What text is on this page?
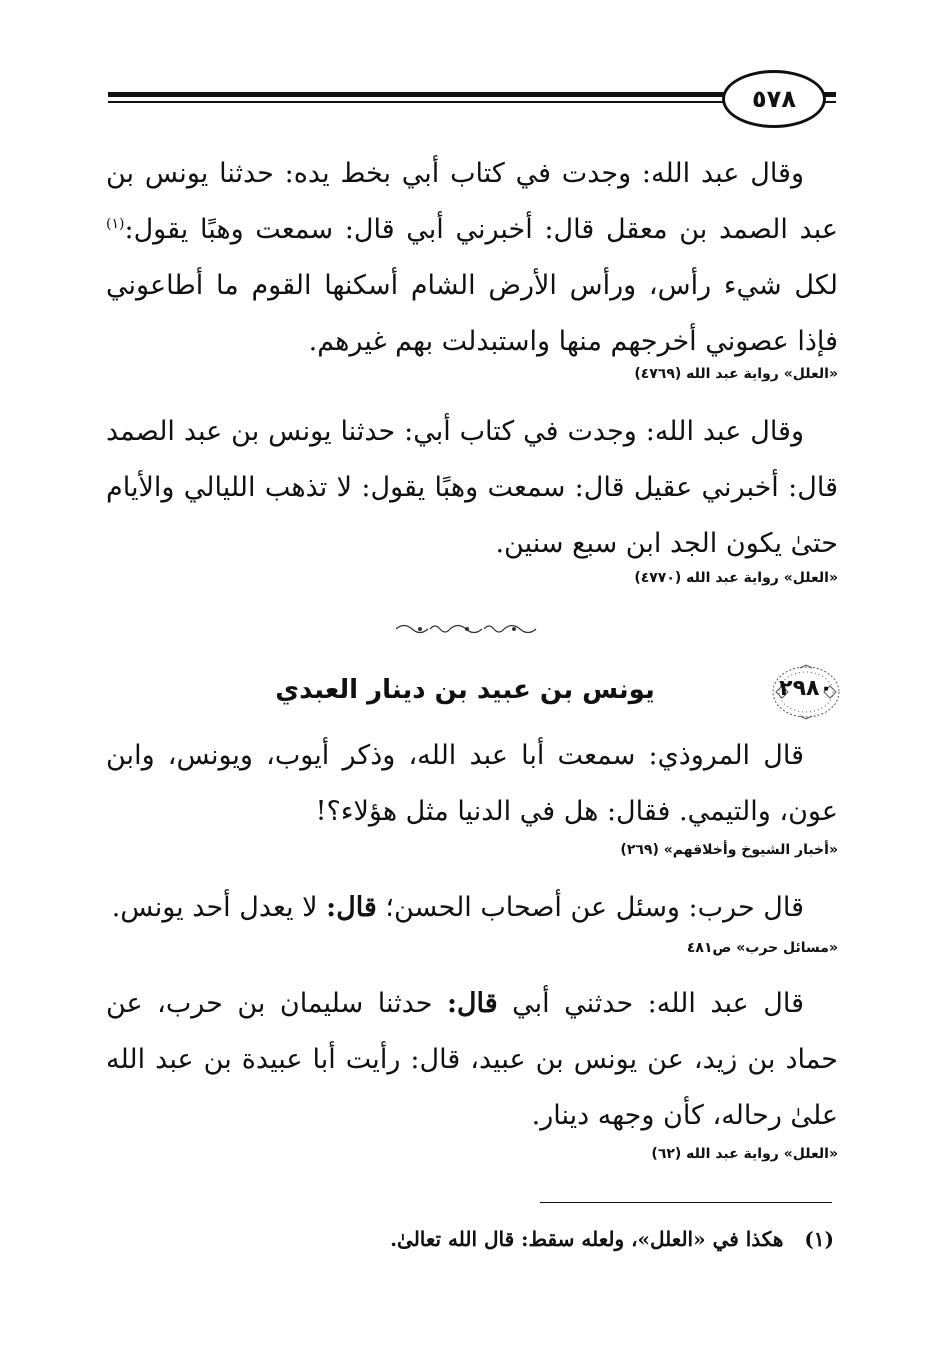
٥٧٨
وقال عبد الله: وجدت في كتاب أبي بخط يده: حدثنا يونس بن عبد الصمد بن معقل قال: أخبرني أبي قال: سمعت وهبًا يقول:$^{(١)}$ لكل شيء رأس، ورأس الأرض الشام أسكنها القوم ما أطاعوني فإذا عصوني أخرجهم منها واستبدلت بهم غيرهم.
«العلل» رواية عبد الله (٤٧٦٩)
وقال عبد الله: وجدت في كتاب أبي: حدثنا يونس بن عبد الصمد قال: أخبرني عقيل قال: سمعت وهبًا يقول: لا تذهب الليالي والأيام حتىٰ يكون الجد ابن سبع سنين.
«العلل» رواية عبد الله (٤٧٧٠)
٢٩٨٠
يونس بن عبيد بن دينار العبدي
قال المروذي: سمعت أبا عبد الله، وذكر أيوب، ويونس، وابن عون، والتيمي. فقال: هل في الدنيا مثل هؤلاء؟!
«أخبار الشيوخ وأخلاقهم» (٢٦٩)
قال حرب: وسئل عن أصحاب الحسن؛ قال: لا يعدل أحد يونس.
«مسائل حرب» ص٤٨١
قال عبد الله: حدثني أبي قال: حدثنا سليمان بن حرب، عن حماد بن زيد، عن يونس بن عبيد، قال: رأيت أبا عبيدة بن عبد الله علىٰ رحاله، كأن وجهه دينار.
«العلل» رواية عبد الله (٦٢)
(١)   هكذا في «العلل»، ولعله سقط: قال الله تعالىٰ.
